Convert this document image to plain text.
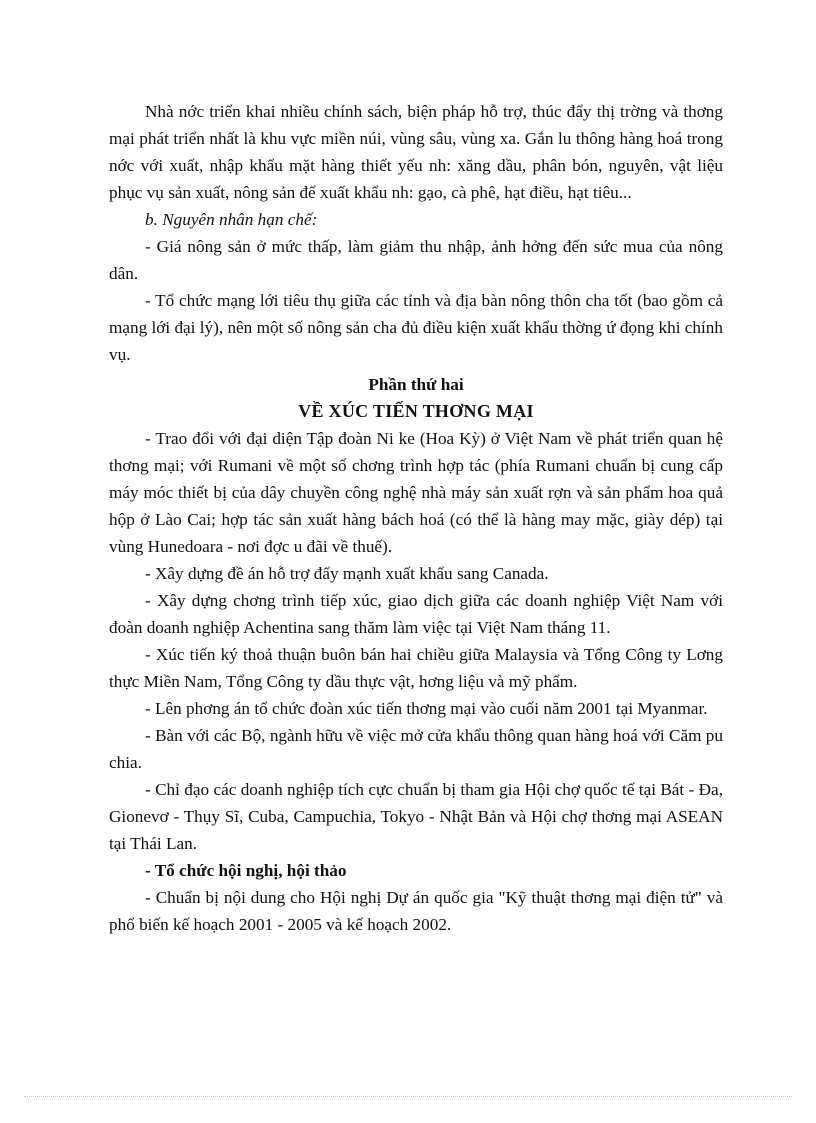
Nhà nớc triển khai nhiều chính sách, biện pháp hỗ trợ, thúc đẩy thị trờng và thơng mại phát triển nhất là khu vực miền núi, vùng sâu, vùng xa. Gắn lu thông hàng hoá trong nớc với xuất, nhập khẩu mặt hàng thiết yếu nh: xăng dầu, phân bón, nguyên, vật liệu phục vụ sản xuất, nông sản để xuất khẩu nh: gạo, cà phê, hạt điều, hạt tiêu...

b. Nguyên nhân hạn chế:

- Giá nông sản ở mức thấp, làm giảm thu nhập, ảnh hởng đến sức mua của nông dân.

- Tổ chức mạng lới tiêu thụ giữa các tỉnh và địa bàn nông thôn cha tốt (bao gồm cả mạng lới đại lý), nên một số nông sản cha đủ điều kiện xuất khẩu thờng ứ đọng khi chính vụ.

Phần thứ hai

VỀ XÚC TIẾN THƠNG MẠI

- Trao đổi với đại diện Tập đoàn Ni ke (Hoa Kỳ) ở Việt Nam về phát triển quan hệ thơng mại; với Rumani về một số chơng trình hợp tác (phía Rumani chuẩn bị cung cấp máy móc thiết bị của dây chuyền công nghệ nhà máy sản xuất rợn và sản phẩm hoa quả hộp ở Lào Cai; hợp tác sản xuất hàng bách hoá (có thể là hàng may mặc, giày dép) tại vùng Hunedoara - nơi đợc u đãi về thuế).

- Xây dựng đề án hỗ trợ đẩy mạnh xuất khẩu sang Canada.

- Xây dựng chơng trình tiếp xúc, giao dịch giữa các doanh nghiệp Việt Nam với đoàn doanh nghiệp Achentina sang thăm làm việc tại Việt Nam tháng 11.

- Xúc tiến ký thoả thuận buôn bán hai chiều giữa Malaysia và Tổng Công ty Lơng thực Miền Nam, Tổng Công ty dầu thực vật, hơng liệu và mỹ phẩm.

- Lên phơng án tổ chức đoàn xúc tiến thơng mại vào cuối năm 2001 tại Myanmar.

- Bàn với các Bộ, ngành hữu về việc mở cửa khẩu thông quan hàng hoá với Căm pu chia.

- Chỉ đạo các doanh nghiệp tích cực chuẩn bị tham gia Hội chợ quốc tế tại Bát - Đa, Gionevơ - Thụy Sĩ, Cuba, Campuchia, Tokyo - Nhật Bản và Hội chợ thơng mại ASEAN tại Thái Lan.

- Tổ chức hội nghị, hội thảo

- Chuẩn bị nội dung cho Hội nghị Dự án quốc gia "Kỹ thuật thơng mại điện tử" và phổ biến kế hoạch 2001 - 2005 và kế hoạch 2002.
